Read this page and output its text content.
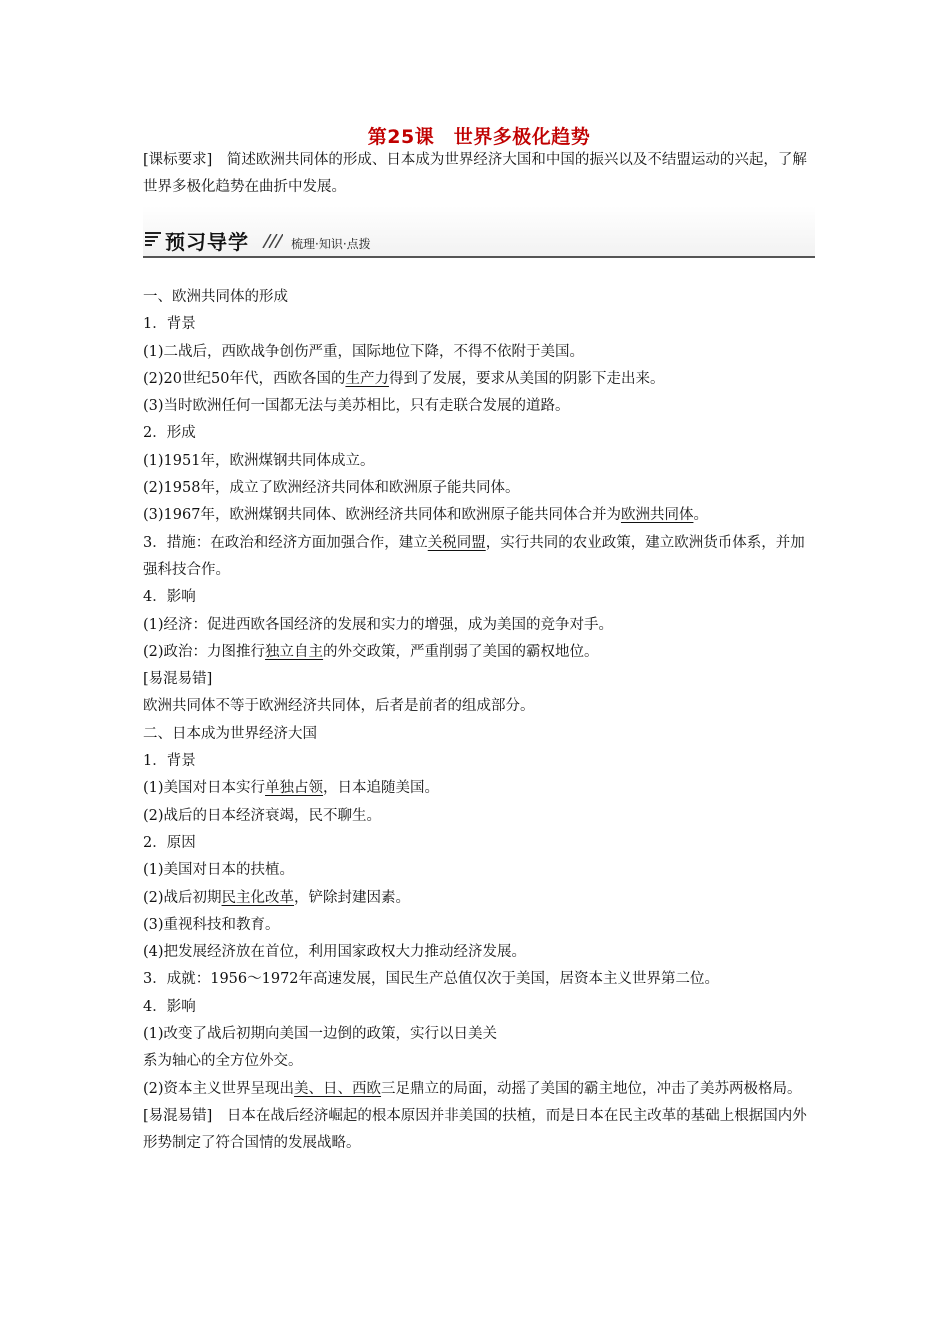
第25课　世界多极化趋势
[课标要求]　简述欧洲共同体的形成、日本成为世界经济大国和中国的振兴以及不结盟运动的兴起，了解世界多极化趋势在曲折中发展。
预习导学	梳理·知识·点拨
一、欧洲共同体的形成
1．背景
(1)二战后，西欧战争创伤严重，国际地位下降，不得不依附于美国。
(2)20世纪50年代，西欧各国的生产力得到了发展，要求从美国的阴影下走出来。
(3)当时欧洲任何一国都无法与美苏相比，只有走联合发展的道路。
2．形成
(1)1951年，欧洲煤钢共同体成立。
(2)1958年，成立了欧洲经济共同体和欧洲原子能共同体。
(3)1967年，欧洲煤钢共同体、欧洲经济共同体和欧洲原子能共同体合并为欧洲共同体。
3．措施：在政治和经济方面加强合作，建立关税同盟，实行共同的农业政策，建立欧洲货币体系，并加强科技合作。
4．影响
(1)经济：促进西欧各国经济的发展和实力的增强，成为美国的竞争对手。
(2)政治：力图推行独立自主的外交政策，严重削弱了美国的霸权地位。
[易混易错]
欧洲共同体不等于欧洲经济共同体，后者是前者的组成部分。
二、日本成为世界经济大国
1．背景
(1)美国对日本实行单独占领，日本追随美国。
(2)战后的日本经济衰竭，民不聊生。
2．原因
(1)美国对日本的扶植。
(2)战后初期民主化改革，铲除封建因素。
(3)重视科技和教育。
(4)把发展经济放在首位，利用国家政权大力推动经济发展。
3．成就：1956～1972年高速发展，国民生产总值仅次于美国，居资本主义世界第二位。
4．影响
(1)改变了战后初期向美国一边倒的政策，实行以日美关
系为轴心的全方位外交。
(2)资本主义世界呈现出美、日、西欧三足鼎立的局面，动摇了美国的霸主地位，冲击了美苏两极格局。
[易混易错]　日本在战后经济崛起的根本原因并非美国的扶植，而是日本在民主改革的基础上根据国内外形势制定了符合国情的发展战略。
